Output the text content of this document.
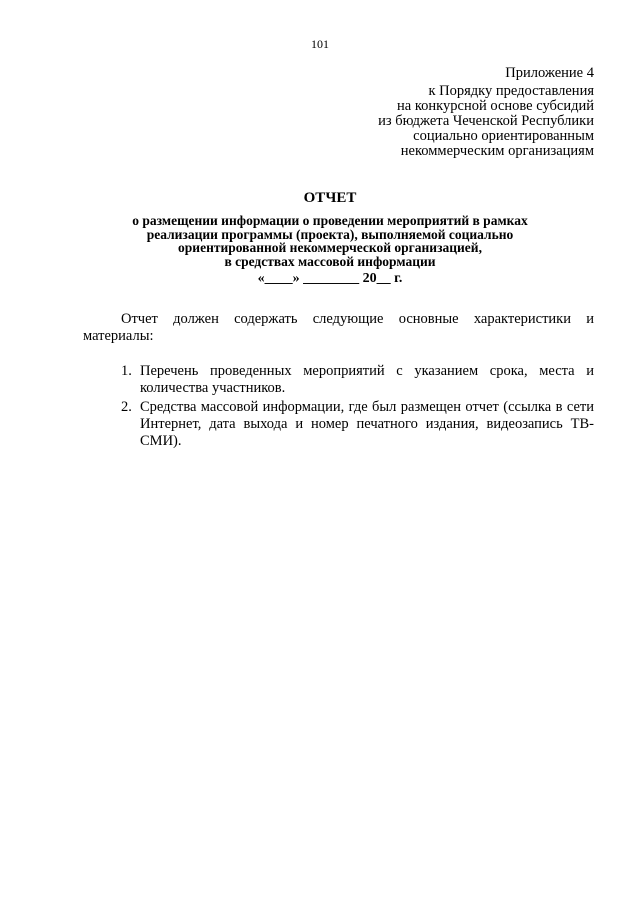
101
Приложение 4
к Порядку предоставления
на конкурсной основе субсидий
из бюджета Чеченской Республики
социально ориентированным
некоммерческим организациям
ОТЧЕТ
о размещении информации о проведении мероприятий в рамках
реализации программы (проекта), выполняемой социально
ориентированной некоммерческой организацией,
в средствах массовой информации
«____» ________ 20__ г.
Отчет должен содержать следующие основные характеристики и материалы:
1. Перечень проведенных мероприятий с указанием срока, места и количества участников.
2. Средства массовой информации, где был размещен отчет (ссылка в сети Интернет, дата выхода и номер печатного издания, видеозапись ТВ-СМИ).
